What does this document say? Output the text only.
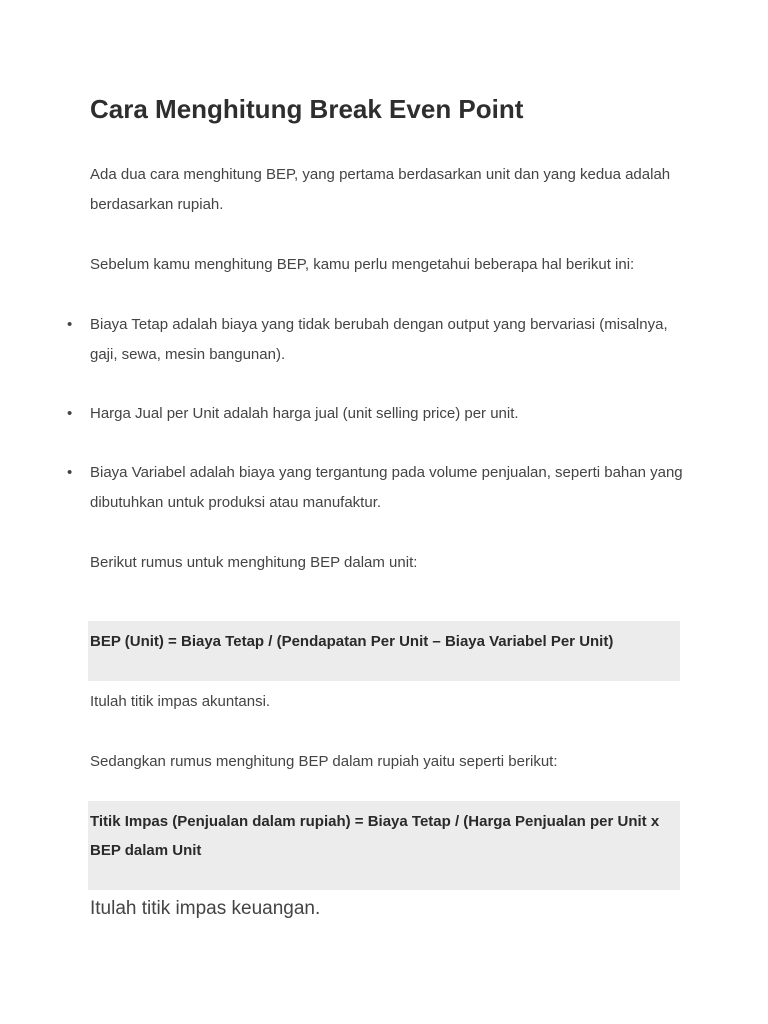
Cara Menghitung Break Even Point

Ada dua cara menghitung BEP, yang pertama berdasarkan unit dan yang kedua adalah berdasarkan rupiah.

Sebelum kamu menghitung BEP, kamu perlu mengetahui beberapa hal berikut ini:

• Biaya Tetap adalah biaya yang tidak berubah dengan output yang bervariasi (misalnya, gaji, sewa, mesin bangunan).

• Harga Jual per Unit adalah harga jual (unit selling price) per unit.

• Biaya Variabel adalah biaya yang tergantung pada volume penjualan, seperti bahan yang dibutuhkan untuk produksi atau manufaktur.

Berikut rumus untuk menghitung BEP dalam unit:

BEP (Unit) = Biaya Tetap / (Pendapatan Per Unit – Biaya Variabel Per Unit)

Itulah titik impas akuntansi.

Sedangkan rumus menghitung BEP dalam rupiah yaitu seperti berikut:

Titik Impas (Penjualan dalam rupiah) = Biaya Tetap / (Harga Penjualan per Unit x BEP dalam Unit

Itulah titik impas keuangan.
